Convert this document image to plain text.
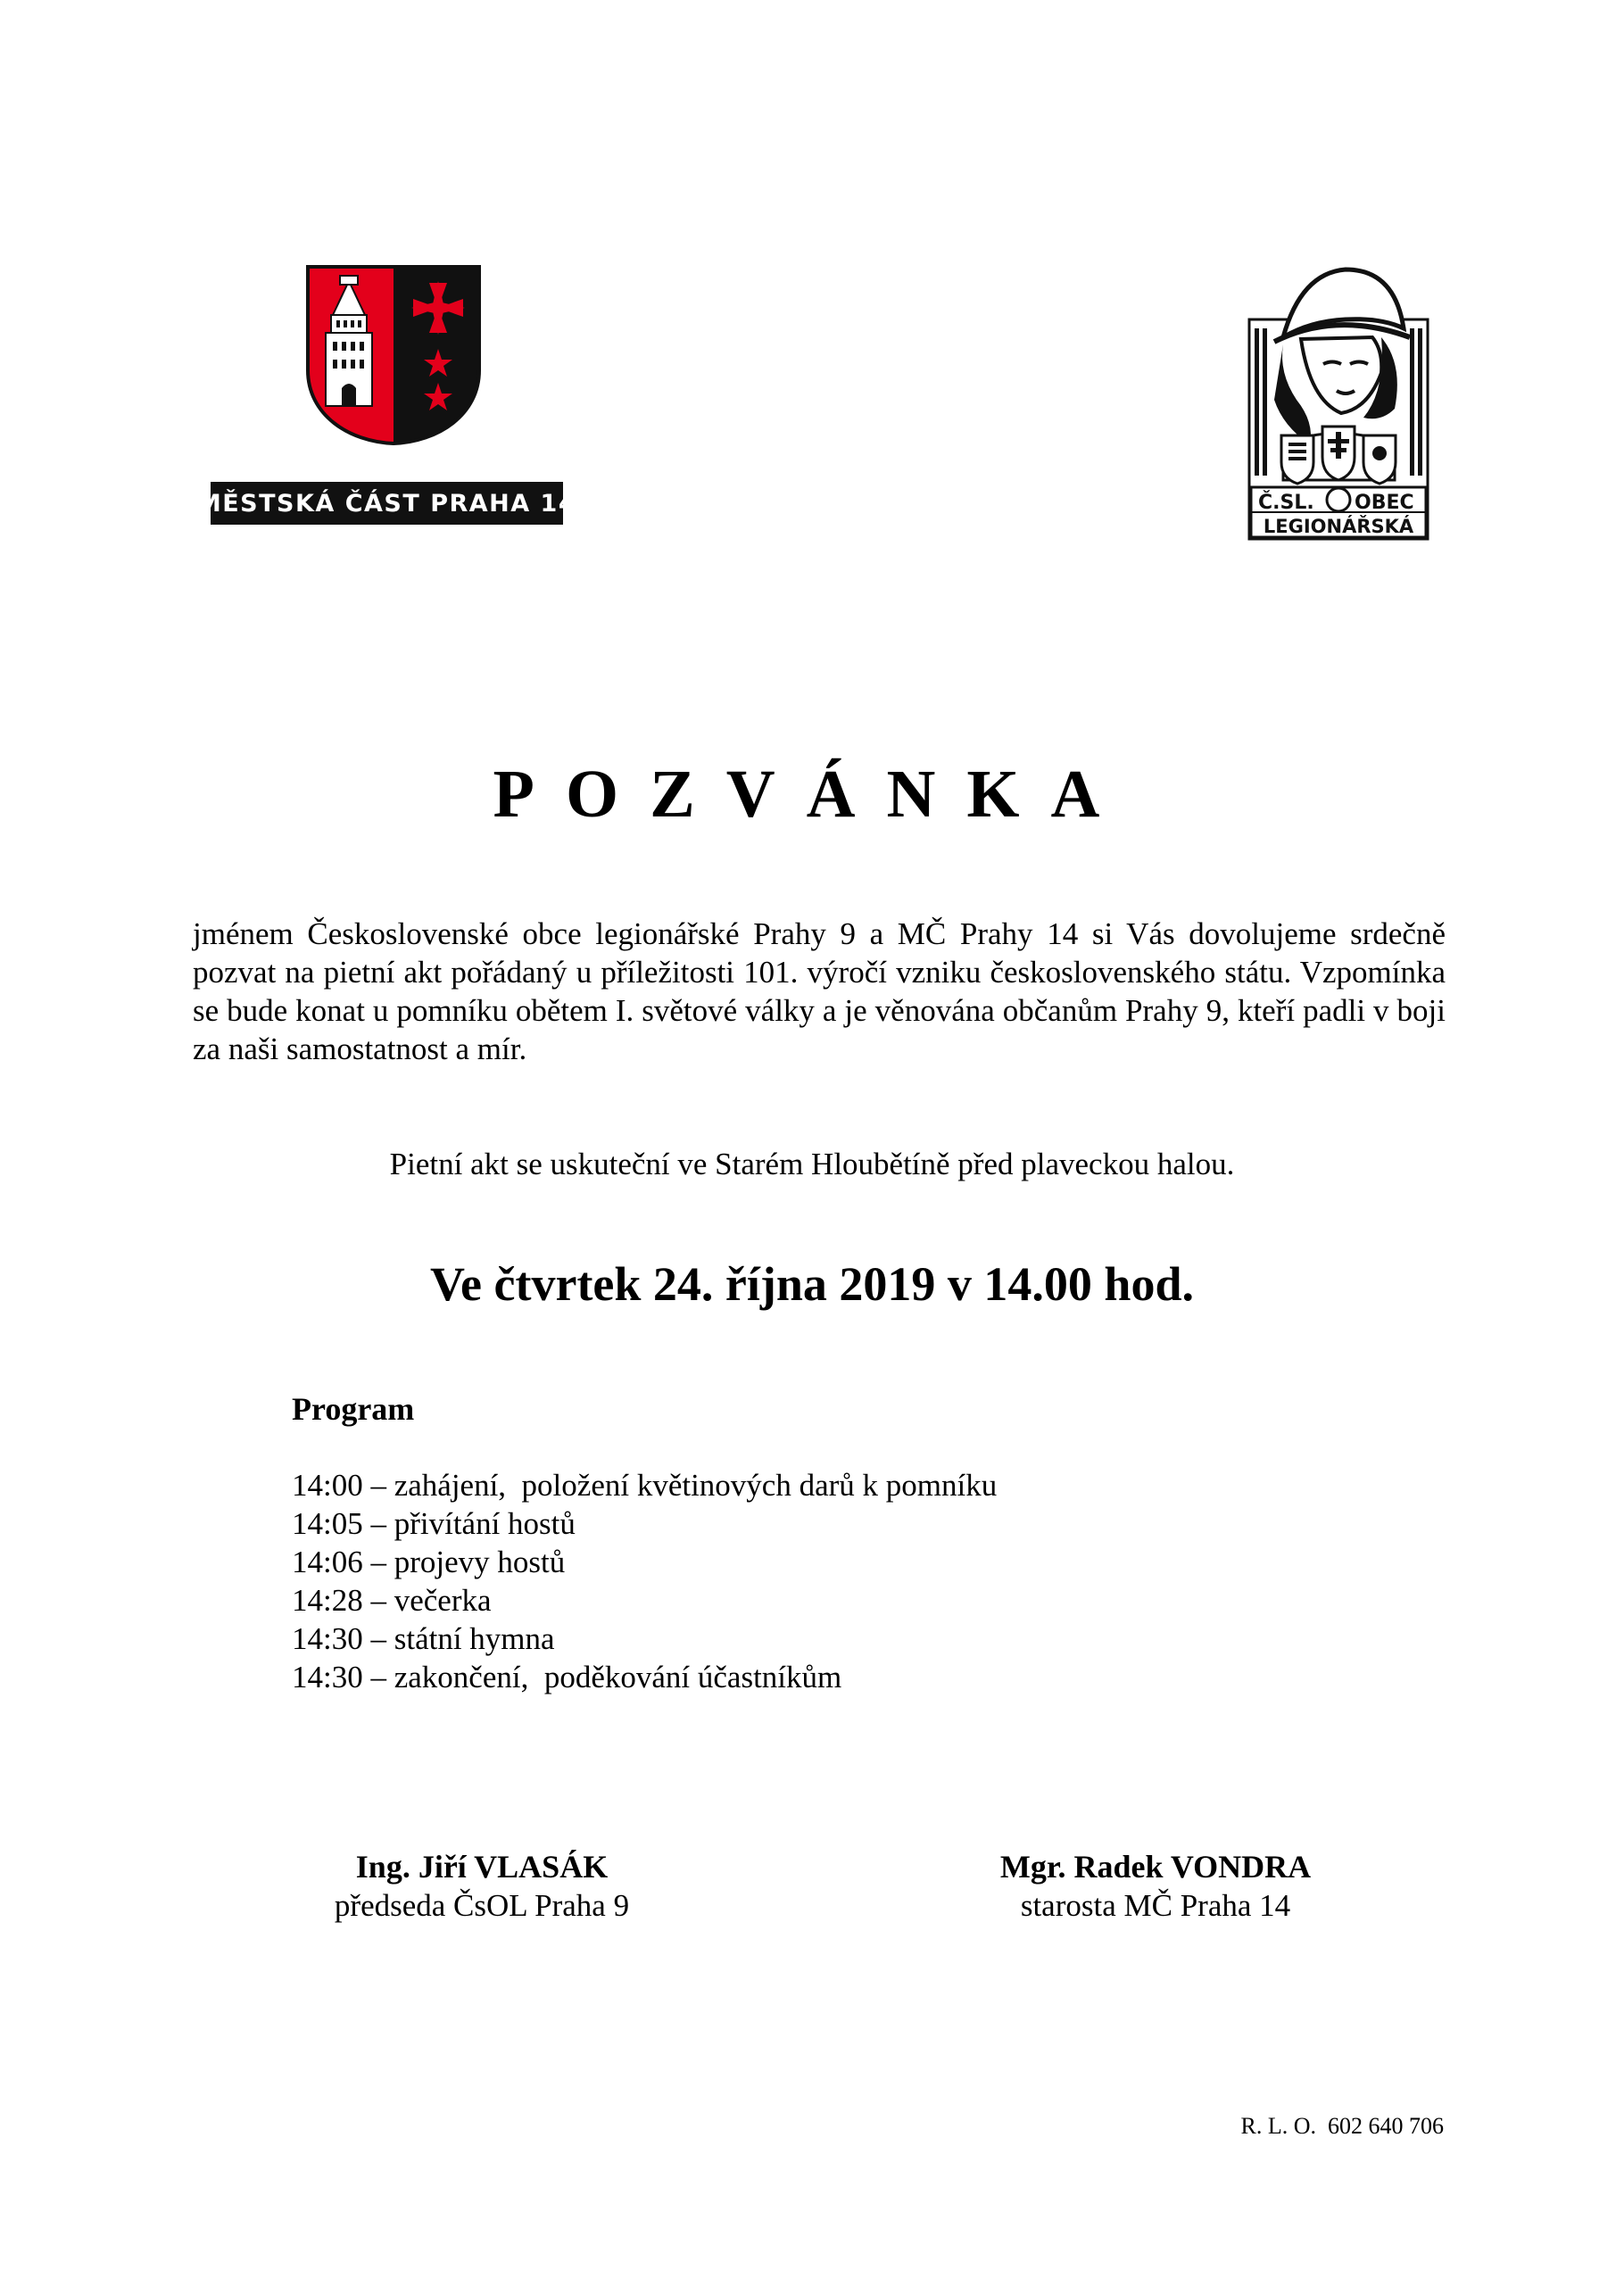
MĚSTSKÁ ČÁST PRAHA 14	Č.SL. OBEC
LEGIONÁŘSKÁ
POZVÁNKA
jménem Československé obce legionářské Prahy 9 a MČ Prahy 14 si Vás dovolujeme srdečně pozvat na pietní akt pořádaný u příležitosti 101. výročí vzniku československého státu. Vzpomínka se bude konat u pomníku obětem I. světové války a je věnována občanům Prahy 9, kteří padli v boji za naši samostatnost a mír.
Pietní akt se uskuteční ve Starém Hloubětíně před plaveckou halou.
Ve čtvrtek 24. října 2019 v 14.00 hod.
Program
14:00 – zahájení,  položení květinových darů k pomníku
14:05 – přivítání hostů
14:06 – projevy hostů
14:28 – večerka
14:30 – státní hymna
14:30 – zakončení,  poděkování účastníkům
Ing. Jiří VLASÁK
předseda ČsOL Praha 9
Mgr. Radek VONDRA
starosta MČ Praha 14
R. L. O.  602 640 706
